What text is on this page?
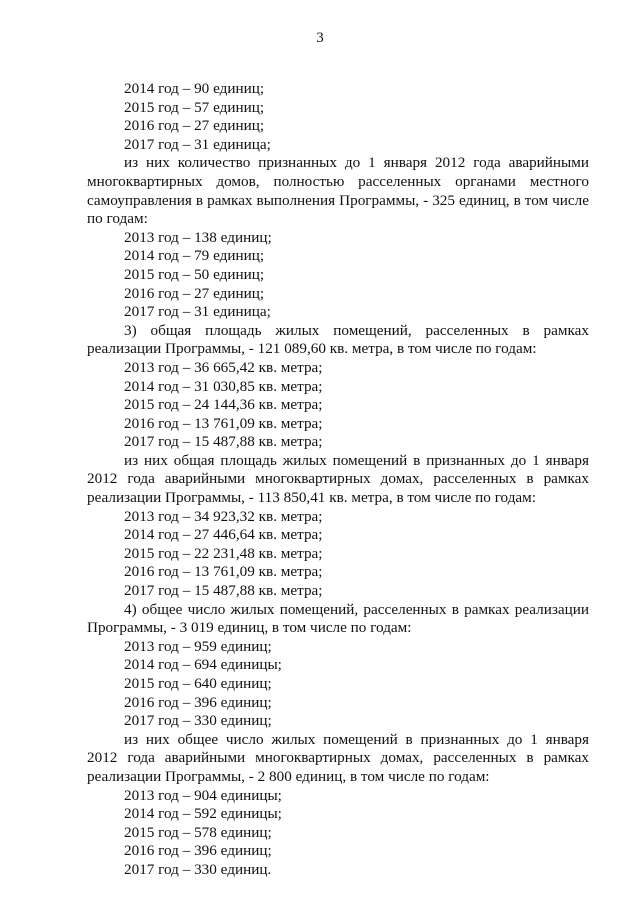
3
2014 год – 90 единиц;
2015 год – 57 единиц;
2016 год – 27 единиц;
2017 год – 31 единица;
из них количество признанных до 1 января 2012 года аварийными
многоквартирных домов, полностью расселенных органами местного
самоуправления в рамках выполнения Программы, - 325 единиц, в том числе
по годам:
2013 год – 138 единиц;
2014 год – 79 единиц;
2015 год – 50 единиц;
2016 год – 27 единиц;
2017 год – 31 единица;
3) общая площадь жилых помещений, расселенных в рамках
реализации Программы, - 121 089,60 кв. метра, в том числе по годам:
2013 год – 36 665,42 кв. метра;
2014 год – 31 030,85 кв. метра;
2015 год – 24 144,36 кв. метра;
2016 год – 13 761,09 кв. метра;
2017 год – 15 487,88 кв. метра;
из них общая площадь жилых помещений в признанных до 1 января
2012 года аварийными многоквартирных домах, расселенных в рамках
реализации Программы, - 113 850,41 кв. метра, в том числе по годам:
2013 год – 34 923,32 кв. метра;
2014 год – 27 446,64 кв. метра;
2015 год – 22 231,48 кв. метра;
2016 год – 13 761,09 кв. метра;
2017 год – 15 487,88 кв. метра;
4) общее число жилых помещений, расселенных в рамках реализации
Программы, - 3 019 единиц, в том числе по годам:
2013 год – 959 единиц;
2014 год – 694 единицы;
2015 год – 640 единиц;
2016 год – 396 единиц;
2017 год – 330 единиц;
из них общее число жилых помещений в признанных до 1 января
2012 года аварийными многоквартирных домах, расселенных в рамках
реализации Программы, - 2 800 единиц, в том числе по годам:
2013 год – 904 единицы;
2014 год – 592 единицы;
2015 год – 578 единиц;
2016 год – 396 единиц;
2017 год – 330 единиц.
